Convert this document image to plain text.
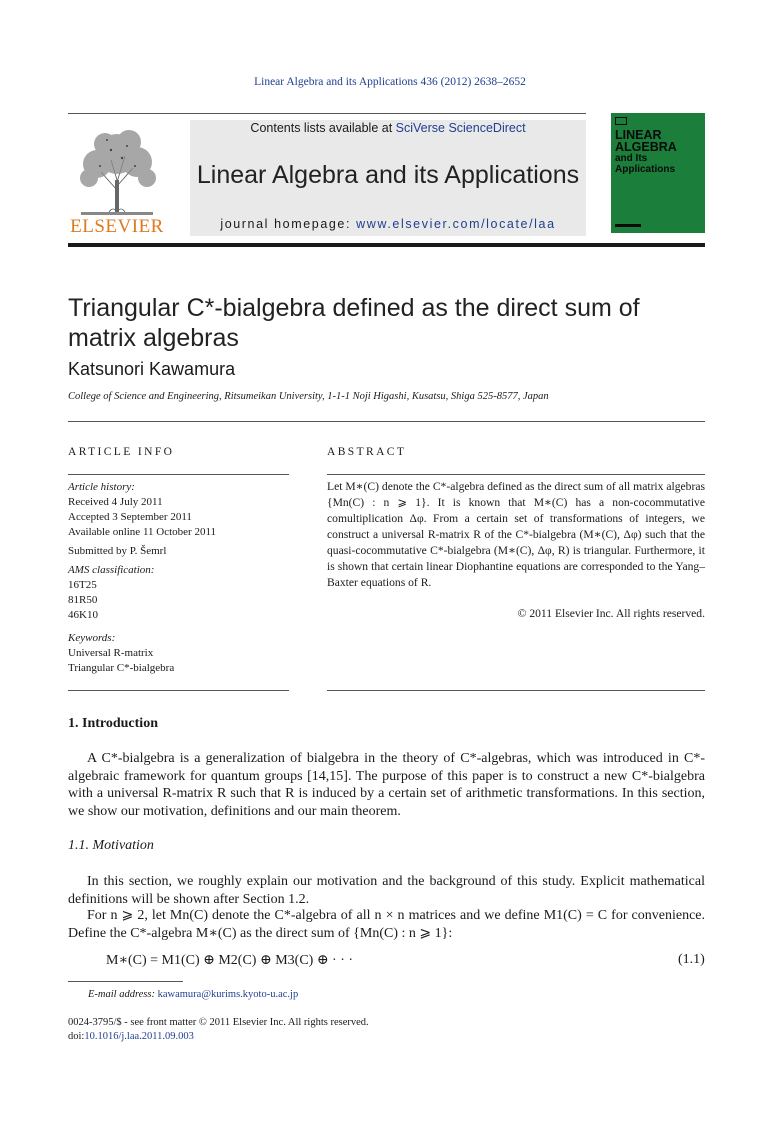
Linear Algebra and its Applications 436 (2012) 2638–2652
ELSEVIER
Contents lists available at SciVerse ScienceDirect
Linear Algebra and its Applications
journal homepage: www.elsevier.com/locate/laa
LINEAR
ALGEBRA
and Its
Applications
Triangular C*-bialgebra defined as the direct sum of matrix algebras
Katsunori Kawamura
College of Science and Engineering, Ritsumeikan University, 1-1-1 Noji Higashi, Kusatsu, Shiga 525-8577, Japan
ARTICLE INFO	ABSTRACT
Article history:
Received 4 July 2011
Accepted 3 September 2011
Available online 11 October 2011
Submitted by P. Šemrl
AMS classification:
16T25
81R50
46K10
Keywords:
Universal R-matrix
Triangular C*-bialgebra
Let M∗(C) denote the C*-algebra defined as the direct sum of all matrix algebras {Mn(C) : n ⩾ 1}. It is known that M∗(C) has a non-cocommutative comultiplication Δφ. From a certain set of transformations of integers, we construct a universal R-matrix R of the C*-bialgebra (M∗(C), Δφ) such that the quasi-cocommutative C*-bialgebra (M∗(C), Δφ, R) is triangular. Furthermore, it is shown that certain linear Diophantine equations are corresponded to the Yang–Baxter equations of R.
© 2011 Elsevier Inc. All rights reserved.
1. Introduction
A C*-bialgebra is a generalization of bialgebra in the theory of C*-algebras, which was introduced in C*-algebraic framework for quantum groups [14,15]. The purpose of this paper is to construct a new C*-bialgebra with a universal R-matrix R such that R is induced by a certain set of arithmetic transformations. In this section, we show our motivation, definitions and our main theorem.
1.1. Motivation
In this section, we roughly explain our motivation and the background of this study. Explicit mathematical definitions will be shown after Section 1.2.
For n ⩾ 2, let Mn(C) denote the C*-algebra of all n × n matrices and we define M1(C) = C for convenience. Define the C*-algebra M∗(C) as the direct sum of {Mn(C) : n ⩾ 1}:
M∗(C) = M1(C) ⊕ M2(C) ⊕ M3(C) ⊕ · · ·	(1.1)
E-mail address: kawamura@kurims.kyoto-u.ac.jp
0024-3795/$ - see front matter © 2011 Elsevier Inc. All rights reserved.
doi:10.1016/j.laa.2011.09.003
